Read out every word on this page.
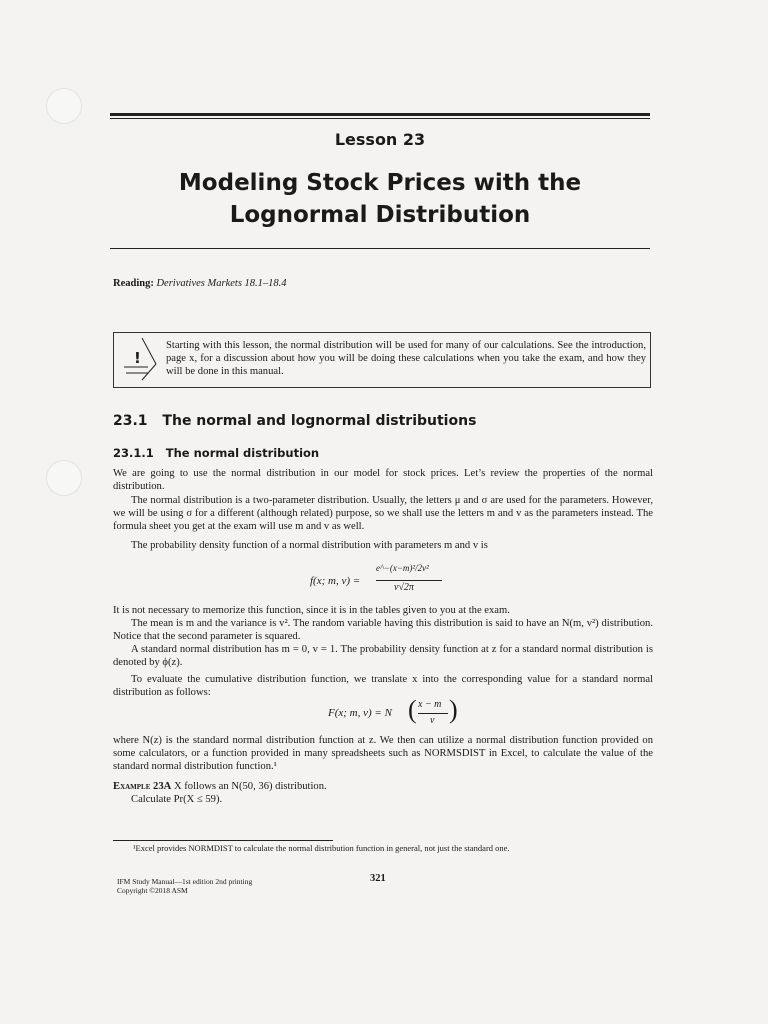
Lesson 23
Modeling Stock Prices with the
Lognormal Distribution
Reading: Derivatives Markets 18.1–18.4
!
Starting with this lesson, the normal distribution will be used for many of our calculations. See the introduction, page x, for a discussion about how you will be doing these calculations when you take the exam, and how they will be done in this manual.
23.1 The normal and lognormal distributions
23.1.1 The normal distribution
We are going to use the normal distribution in our model for stock prices. Let’s review the properties of the normal distribution.
The normal distribution is a two-parameter distribution. Usually, the letters μ and σ are used for the parameters. However, we will be using σ for a different (although related) purpose, so we shall use the letters m and v as the parameters instead. The formula sheet you get at the exam will use m and v as well.
The probability density function of a normal distribution with parameters m and v is
f(x; m, v) =
e^−(x−m)²/2v²
v√2π
It is not necessary to memorize this function, since it is in the tables given to you at the exam.
The mean is m and the variance is v². The random variable having this distribution is said to have an N(m, v²) distribution. Notice that the second parameter is squared.
A standard normal distribution has m = 0, v = 1. The probability density function at z for a standard normal distribution is denoted by ϕ(z).
To evaluate the cumulative distribution function, we translate x into the corresponding value for a standard normal distribution as follows:
F(x; m, v) = N ( x − m
v )
where N(z) is the standard normal distribution function at z. We then can utilize a normal distribution function provided on some calculators, or a function provided in many spreadsheets such as NORMSDIST in Excel, to calculate the value of the standard normal distribution function.¹
Example 23A X follows an N(50, 36) distribution.
Calculate Pr(X ≤ 59).
¹Excel provides NORMDIST to calculate the normal distribution function in general, not just the standard one.
IFM Study Manual—1st edition 2nd printing
Copyright ©2018 ASM
321
